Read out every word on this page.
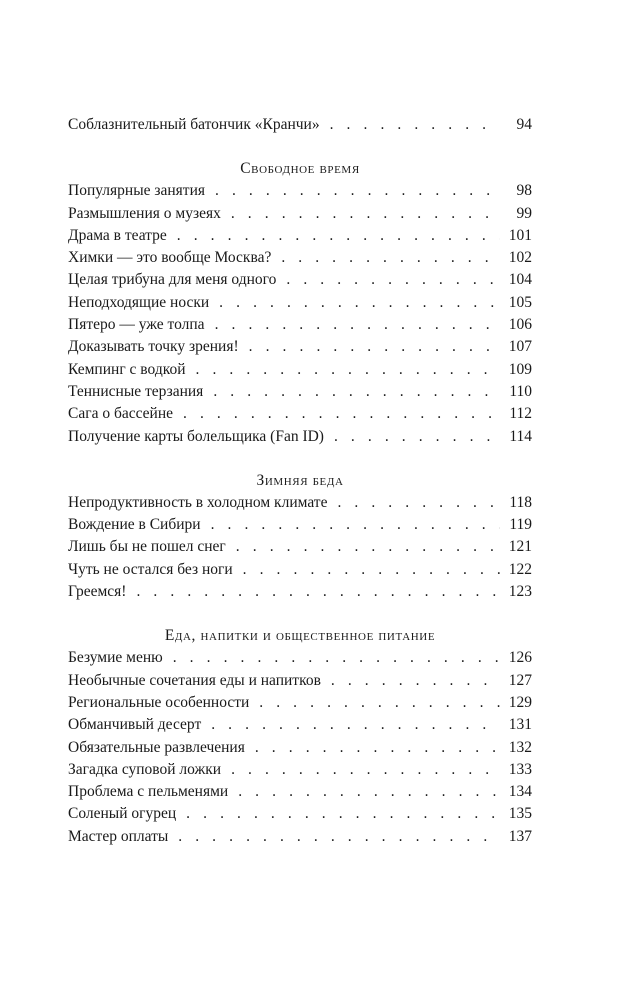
Соблазнительный батончик «Кранчи» . . .	94
Свободное время
Популярные занятия . . .	98
Размышления о музеях . . .	99
Драма в театре . . .	101
Химки — это вообще Москва? . . .	102
Целая трибуна для меня одного . . .	104
Неподходящие носки . . .	105
Пятеро — уже толпа . . .	106
Доказывать точку зрения! . . .	107
Кемпинг с водкой . . .	109
Теннисные терзания . . .	110
Сага о бассейне . . .	112
Получение карты болельщика (Fan ID) . . .	114
Зимняя беда
Непродуктивность в холодном климате . . .	118
Вождение в Сибири . . .	119
Лишь бы не пошел снег . . .	121
Чуть не остался без ноги . . .	122
Греемся! . . .	123
Еда, напитки и общественное питание
Безумие меню . . .	126
Необычные сочетания еды и напитков . . .	127
Региональные особенности . . .	129
Обманчивый десерт . . .	131
Обязательные развлечения . . .	132
Загадка суповой ложки . . .	133
Проблема с пельменями . . .	134
Соленый огурец . . .	135
Мастер оплаты . . .	137
